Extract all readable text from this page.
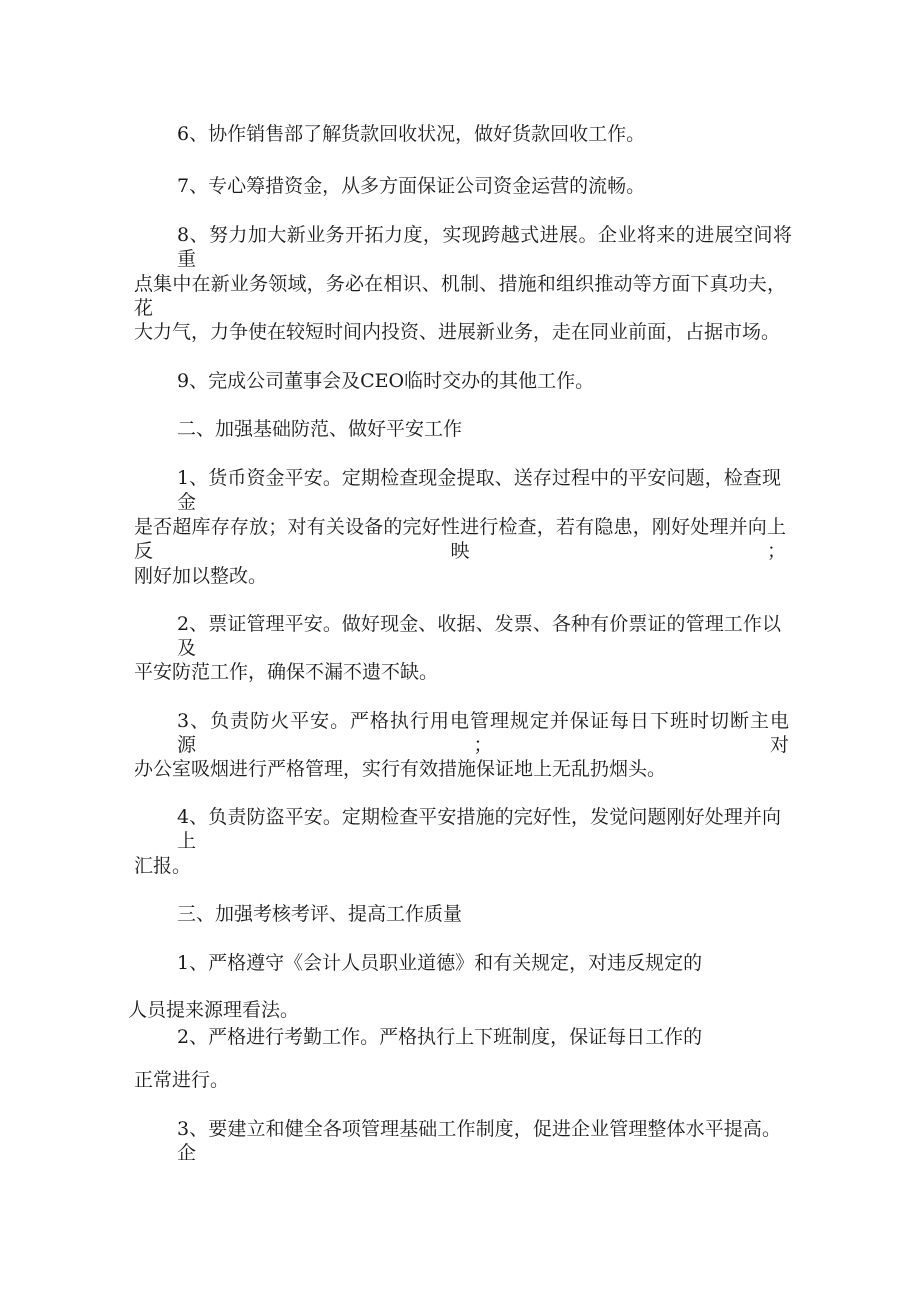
6、协作销售部了解货款回收状况，做好货款回收工作。
7、专心筹措资金，从多方面保证公司资金运营的流畅。
8、努力加大新业务开拓力度，实现跨越式进展。企业将来的进展空间将重
点集中在新业务领域，务必在相识、机制、措施和组织推动等方面下真功夫，花
大力气，力争使在较短时间内投资、进展新业务，走在同业前面，占据市场。
9、完成公司董事会及CEO临时交办的其他工作。
二、加强基础防范、做好平安工作
1、货币资金平安。定期检查现金提取、送存过程中的平安问题，检查现金
是否超库存存放；对有关设备的完好性进行检查，若有隐患，刚好处理并向上反映；
刚好加以整改。
2、票证管理平安。做好现金、收据、发票、各种有价票证的管理工作以及
平安防范工作，确保不漏不遗不缺。
3、负责防火平安。严格执行用电管理规定并保证每日下班时切断主电源；对
办公室吸烟进行严格管理，实行有效措施保证地上无乱扔烟头。
4、负责防盗平安。定期检查平安措施的完好性，发觉问题刚好处理并向上
汇报。
三、加强考核考评、提高工作质量
1、严格遵守《会计人员职业道德》和有关规定，对违反规定的
人员提来源理看法。
2、严格进行考勤工作。严格执行上下班制度，保证每日工作的
正常进行。
3、要建立和健全各项管理基础工作制度，促进企业管理整体水平提高。企
